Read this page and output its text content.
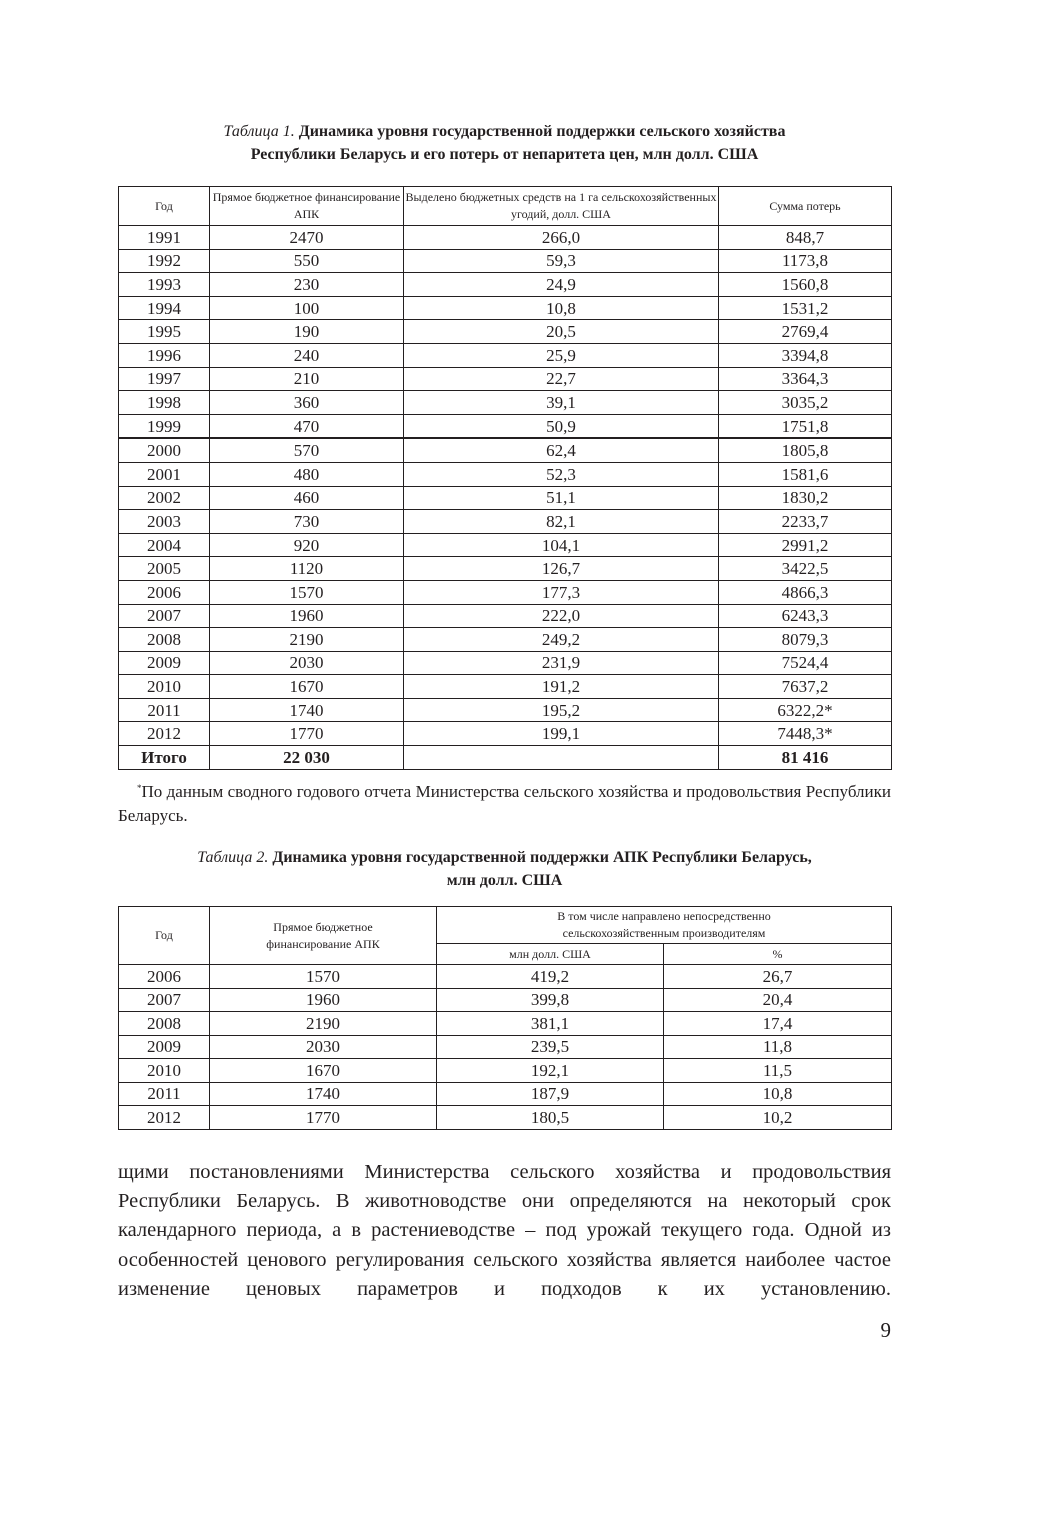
Таблица 1. Динамика уровня государственной поддержки сельского хозяйства
Республики Беларусь и его потерь от непаритета цен, млн долл. США
Год	Прямое бюджетное финансирование АПК	Выделено бюджетных средств на 1 га сельскохозяйственных угодий, долл. США	Сумма потерь
1991	2470	266,0	848,7
1992	550	59,3	1173,8
1993	230	24,9	1560,8
1994	100	10,8	1531,2
1995	190	20,5	2769,4
1996	240	25,9	3394,8
1997	210	22,7	3364,3
1998	360	39,1	3035,2
1999	470	50,9	1751,8
2000	570	62,4	1805,8
2001	480	52,3	1581,6
2002	460	51,1	1830,2
2003	730	82,1	2233,7
2004	920	104,1	2991,2
2005	1120	126,7	3422,5
2006	1570	177,3	4866,3
2007	1960	222,0	6243,3
2008	2190	249,2	8079,3
2009	2030	231,9	7524,4
2010	1670	191,2	7637,2
2011	1740	195,2	6322,2*
2012	1770	199,1	7448,3*
Итого	22 030		81 416
*По данным сводного годового отчета Министерства сельского хозяйства и продовольствия Республики Беларусь.
Таблица 2. Динамика уровня государственной поддержки АПК Республики Беларусь,
млн долл. США
Год	Прямое бюджетное финансирование АПК	В том числе направлено непосредственно сельскохозяйственным производителям	
		млн долл. США	%
2006	1570	419,2	26,7
2007	1960	399,8	20,4
2008	2190	381,1	17,4
2009	2030	239,5	11,8
2010	1670	192,1	11,5
2011	1740	187,9	10,8
2012	1770	180,5	10,2
щими постановлениями Министерства сельского хозяйства и продовольствия Республики Беларусь. В животноводстве они определяются на некоторый срок календарного периода, а в растениеводстве – под урожай текущего года. Одной из особенностей ценового регулирования сельского хозяйства является наиболее частое изменение ценовых параметров и подходов к их установлению.
9
